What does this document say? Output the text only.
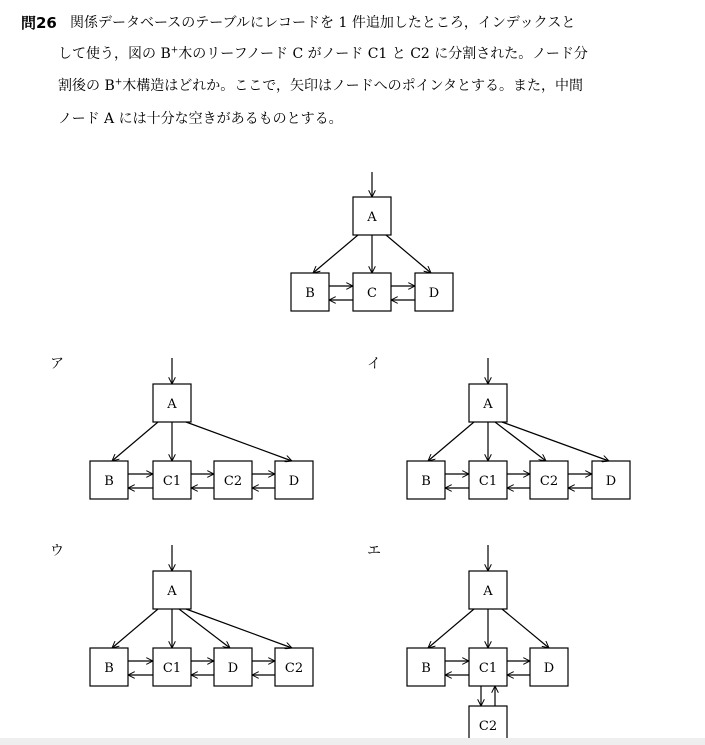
問26 関係データベースのテーブルにレコードを 1 件追加したところ，インデックスと
して使う，図の B+木のリーフノード C がノード C1 と C2 に分割された。ノード分
割後の B+木構造はどれか。ここで，矢印はノードへのポインタとする。また，中間
ノード A には十分な空きがあるものとする。
ア	イ
ウ	エ
A
B	C	D
A
B	C1	C2	D
A
B	C1	C2	D
A
B	C1	D	C2
A
B	C1	D
C2
